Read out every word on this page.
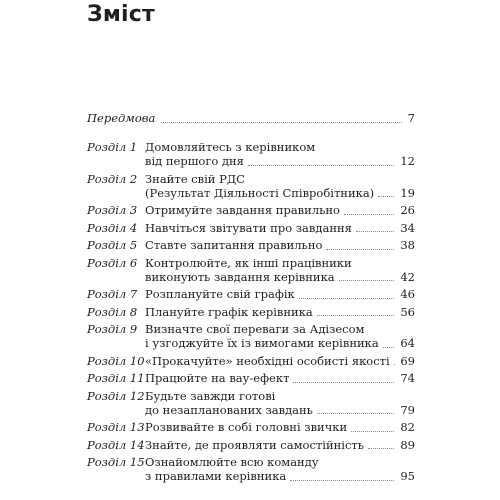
Зміст
Передмова	7
Розділ 1 Домовляйтесь з керівником
від першого дня	12
Розділ 2 Знайте свій РДС
(Результат Діяльності Співробітника) 19
Розділ 3 Отримуйте завдання правильно	26
Розділ 4 Навчіться звітувати про завдання	34
Розділ 5 Ставте запитання правильно	38
Розділ 6 Контролюйте, як інші працівники
виконують завдання керівника	42
Розділ 7 Розплануйте свій графік	46
Розділ 8 Плануйте графік керівника	56
Розділ 9 Визначте свої переваги за Адізесом
і узгоджуйте їх із вимогами керівника 64
Розділ 10 «Прокачуйте» необхідні особисті якості 69
Розділ 11 Працюйте на вау-ефект	74
Розділ 12 Будьте завжди готові
до незапланованих завдань	79
Розділ 13 Розвивайте в собі головні звички	82
Розділ 14 Знайте, де проявляти самостійність	89
Розділ 15 Ознайомлюйте всю команду
з правилами керівника	95
